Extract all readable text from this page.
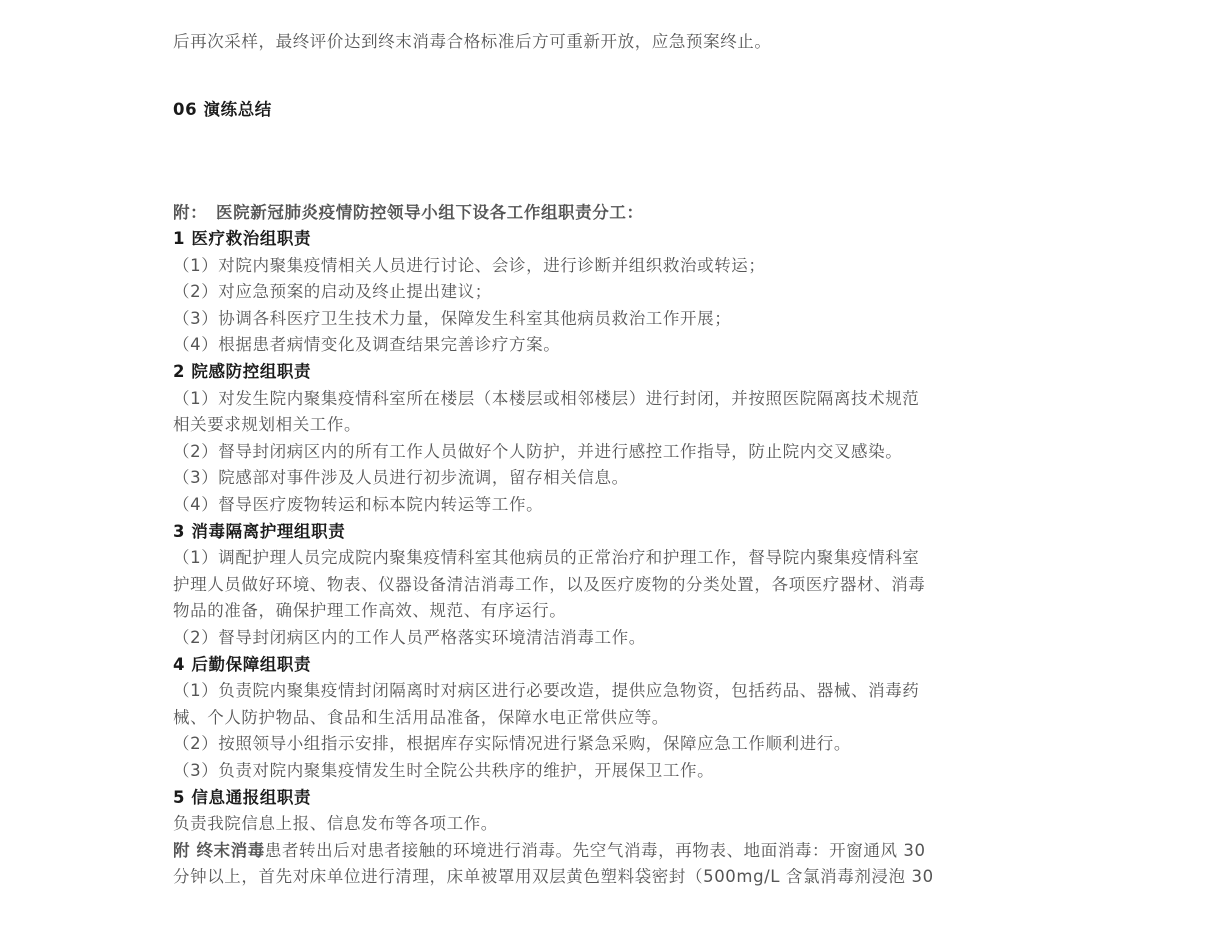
后再次采样，最终评价达到终末消毒合格标准后方可重新开放，应急预案终止。
06 演练总结
附：　医院新冠肺炎疫情防控领导小组下设各工作组职责分工：
1 医疗救治组职责
（1）对院内聚集疫情相关人员进行讨论、会诊，进行诊断并组织救治或转运；
（2）对应急预案的启动及终止提出建议；
（3）协调各科医疗卫生技术力量，保障发生科室其他病员救治工作开展；
（4）根据患者病情变化及调查结果完善诊疗方案。
2 院感防控组职责
（1）对发生院内聚集疫情科室所在楼层（本楼层或相邻楼层）进行封闭，并按照医院隔离技术规范
相关要求规划相关工作。
（2）督导封闭病区内的所有工作人员做好个人防护，并进行感控工作指导，防止院内交叉感染。
（3）院感部对事件涉及人员进行初步流调，留存相关信息。
（4）督导医疗废物转运和标本院内转运等工作。
3 消毒隔离护理组职责
（1）调配护理人员完成院内聚集疫情科室其他病员的正常治疗和护理工作，督导院内聚集疫情科室
护理人员做好环境、物表、仪器设备清洁消毒工作，以及医疗废物的分类处置，各项医疗器材、消毒
物品的准备，确保护理工作高效、规范、有序运行。
（2）督导封闭病区内的工作人员严格落实环境清洁消毒工作。
4 后勤保障组职责
（1）负责院内聚集疫情封闭隔离时对病区进行必要改造，提供应急物资，包括药品、器械、消毒药
械、个人防护物品、食品和生活用品准备，保障水电正常供应等。
（2）按照领导小组指示安排，根据库存实际情况进行紧急采购，保障应急工作顺利进行。
（3）负责对院内聚集疫情发生时全院公共秩序的维护，开展保卫工作。
5 信息通报组职责
负责我院信息上报、信息发布等各项工作。
附 终末消毒患者转出后对患者接触的环境进行消毒。先空气消毒，再物表、地面消毒：开窗通风 30
分钟以上，首先对床单位进行清理，床单被罩用双层黄色塑料袋密封（500mg/L 含氯消毒剂浸泡 30
